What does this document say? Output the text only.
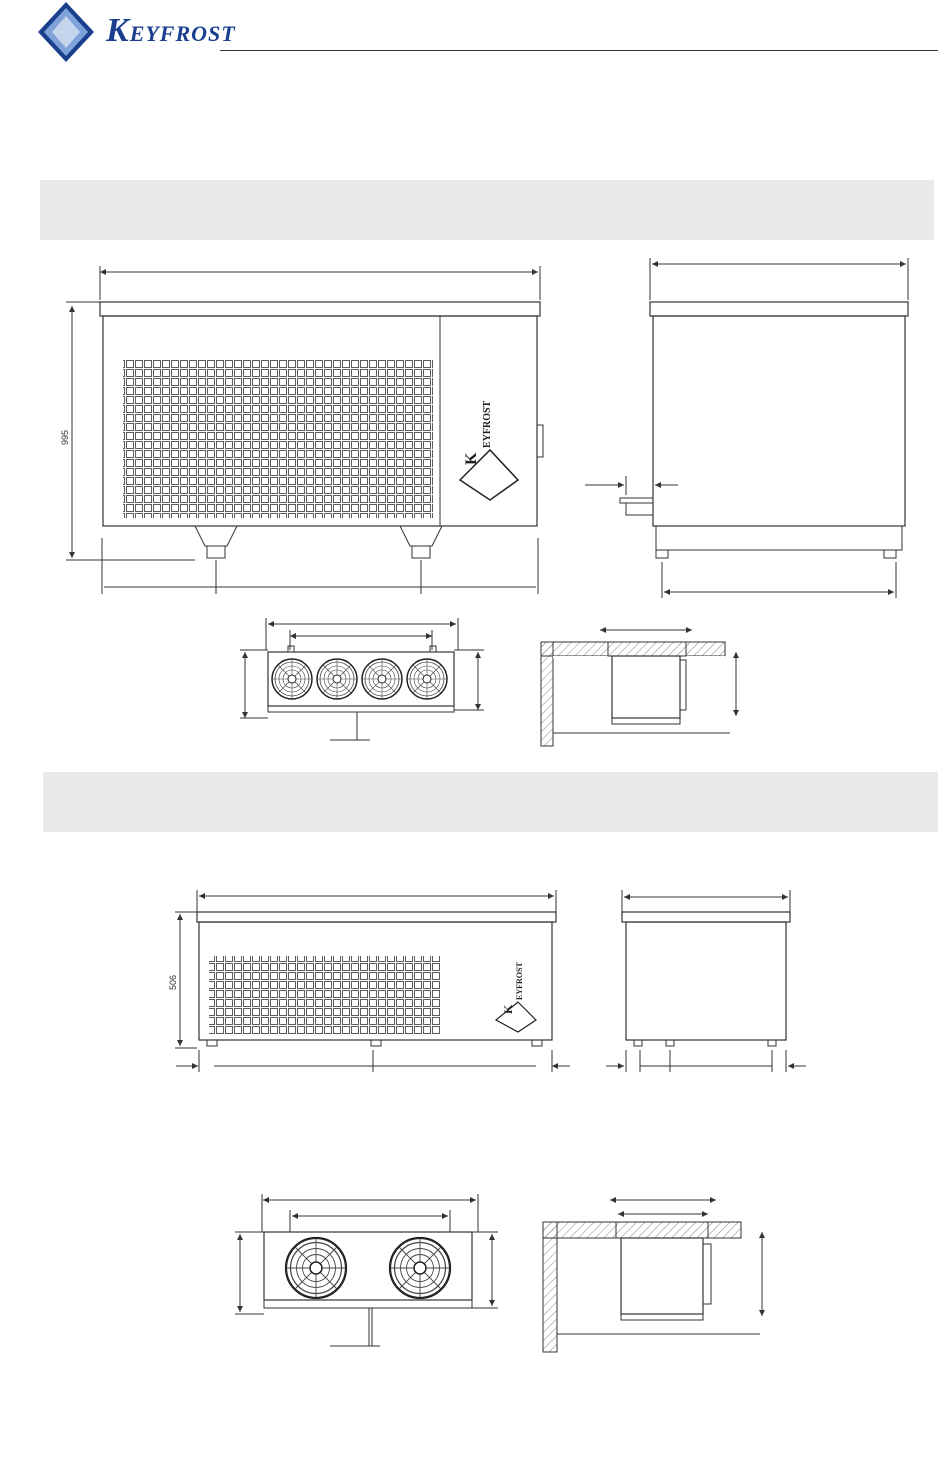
KEYFROST
K
EYFROST
995
K
EYFROST
506
